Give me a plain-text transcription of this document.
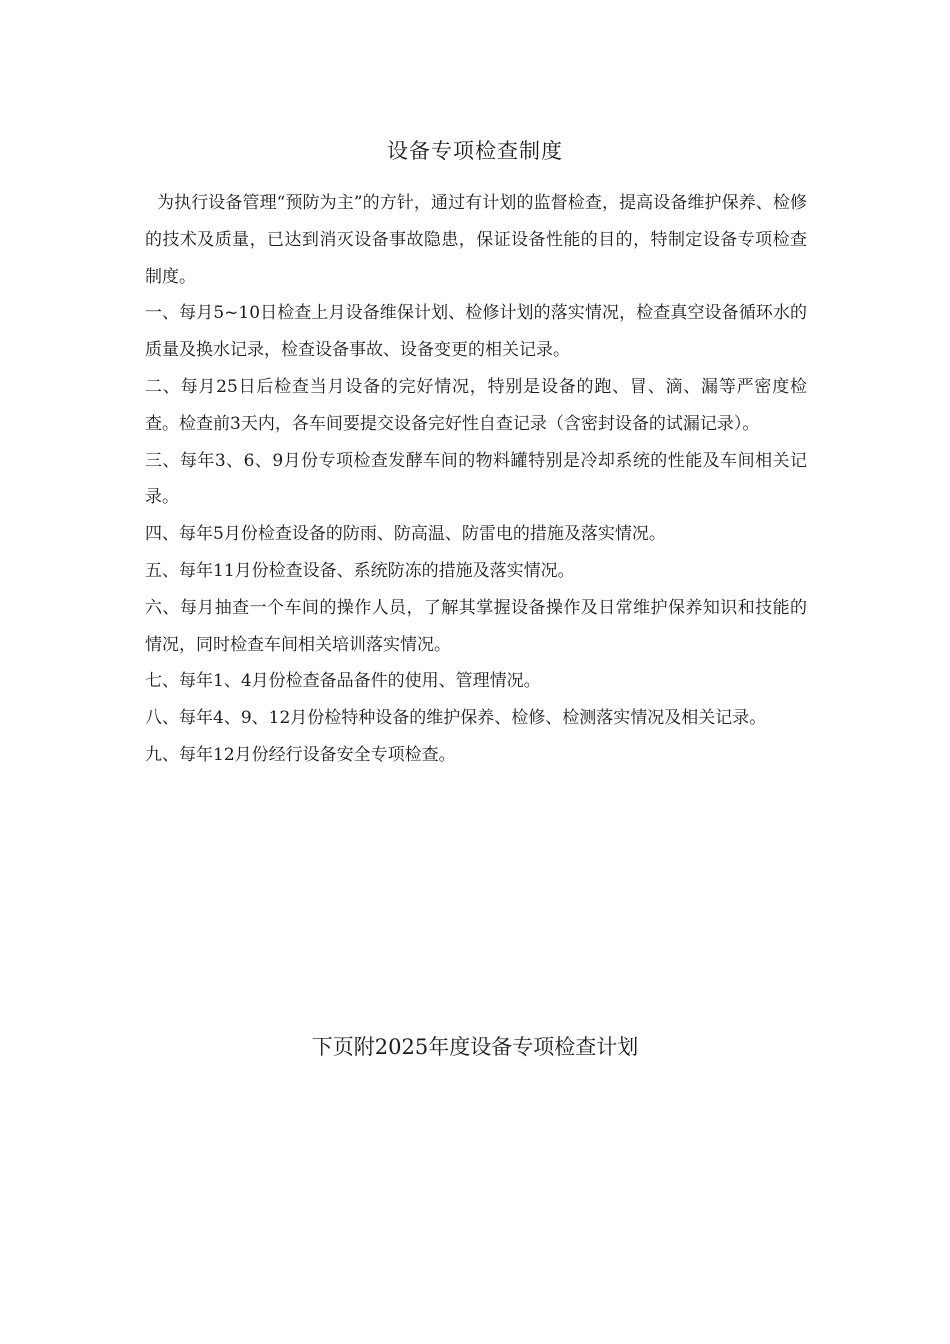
设备专项检查制度

为执行设备管理“预防为主”的方针，通过有计划的监督检查，提高设备维护保养、检修的技术及质量，已达到消灭设备事故隐患，保证设备性能的目的，特制定设备专项检查制度。

一、每月5~10日检查上月设备维保计划、检修计划的落实情况，检查真空设备循环水的质量及换水记录，检查设备事故、设备变更的相关记录。

二、每月25日后检查当月设备的完好情况，特别是设备的跑、冒、滴、漏等严密度检查。检查前3天内，各车间要提交设备完好性自查记录（含密封设备的试漏记录）。

三、每年3、6、9月份专项检查发酵车间的物料罐特别是冷却系统的性能及车间相关记录。

四、每年5月份检查设备的防雨、防高温、防雷电的措施及落实情况。

五、每年11月份检查设备、系统防冻的措施及落实情况。

六、每月抽查一个车间的操作人员，了解其掌握设备操作及日常维护保养知识和技能的情况，同时检查车间相关培训落实情况。

七、每年1、4月份检查备品备件的使用、管理情况。

八、每年4、9、12月份检特种设备的维护保养、检修、检测落实情况及相关记录。

九、每年12月份经行设备安全专项检查。

下页附2025年度设备专项检查计划
